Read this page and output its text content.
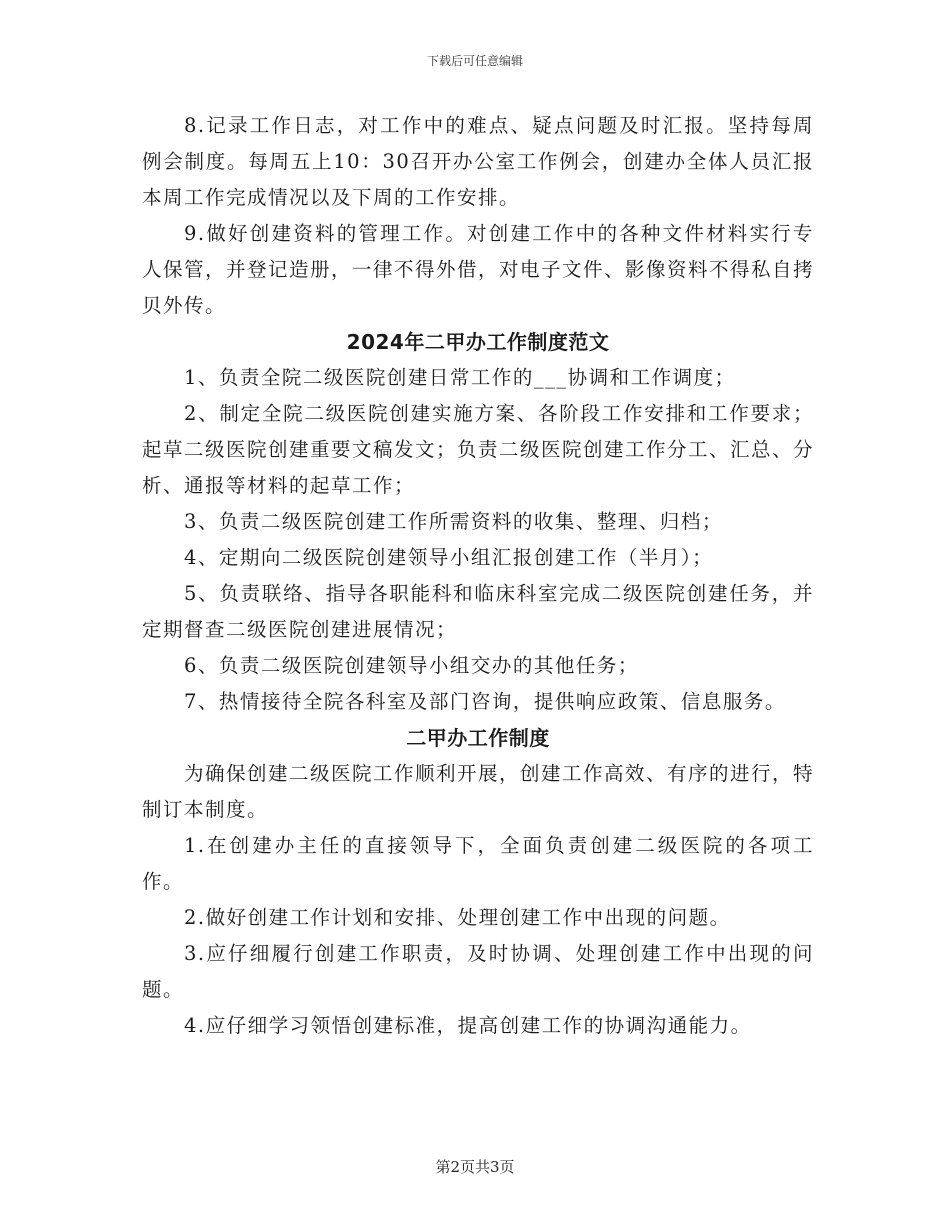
下载后可任意编辑

8.记录工作日志，对工作中的难点、疑点问题及时汇报。坚持每周例会制度。每周五上10：30召开办公室工作例会，创建办全体人员汇报本周工作完成情况以及下周的工作安排。

9.做好创建资料的管理工作。对创建工作中的各种文件材料实行专人保管，并登记造册，一律不得外借，对电子文件、影像资料不得私自拷贝外传。

2024年二甲办工作制度范文

1、负责全院二级医院创建日常工作的___协调和工作调度；

2、制定全院二级医院创建实施方案、各阶段工作安排和工作要求；起草二级医院创建重要文稿发文；负责二级医院创建工作分工、汇总、分析、通报等材料的起草工作；

3、负责二级医院创建工作所需资料的收集、整理、归档；

4、定期向二级医院创建领导小组汇报创建工作（半月）；

5、负责联络、指导各职能科和临床科室完成二级医院创建任务，并定期督查二级医院创建进展情况；

6、负责二级医院创建领导小组交办的其他任务；

7、热情接待全院各科室及部门咨询，提供响应政策、信息服务。

二甲办工作制度

为确保创建二级医院工作顺利开展，创建工作高效、有序的进行，特制订本制度。

1.在创建办主任的直接领导下，全面负责创建二级医院的各项工作。

2.做好创建工作计划和安排、处理创建工作中出现的问题。

3.应仔细履行创建工作职责，及时协调、处理创建工作中出现的问题。

4.应仔细学习领悟创建标准，提高创建工作的协调沟通能力。

第2页共3页
